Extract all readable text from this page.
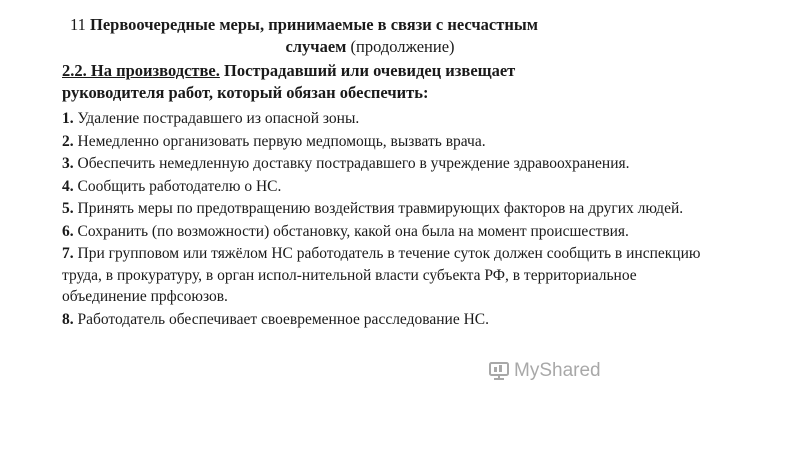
11 Первоочередные меры, принимаемые в связи с несчастным
случаем (продолжение)
2.2. На производстве. Пострадавший или очевидец извещает
руководителя работ, который обязан обеспечить:
1. Удаление пострадавшего из опасной зоны.
2. Немедленно организовать первую медпомощь, вызвать врача.
3. Обеспечить немедленную доставку пострадавшего в учреждение здравоохранения.
4. Сообщить работодателю о НС.
5. Принять меры по предотвращению воздействия травмирующих факторов на других людей.
6. Сохранить (по возможности) обстановку, какой она была на момент происшествия.
7. При групповом или тяжёлом НС работодатель в течение суток должен сообщить в инспекцию труда, в прокуратуру, в орган испол-нительной власти субъекта РФ, в территориальное объединение прфсоюзов.
8. Работодатель обеспечивает своевременное расследование НС.
MyShared
